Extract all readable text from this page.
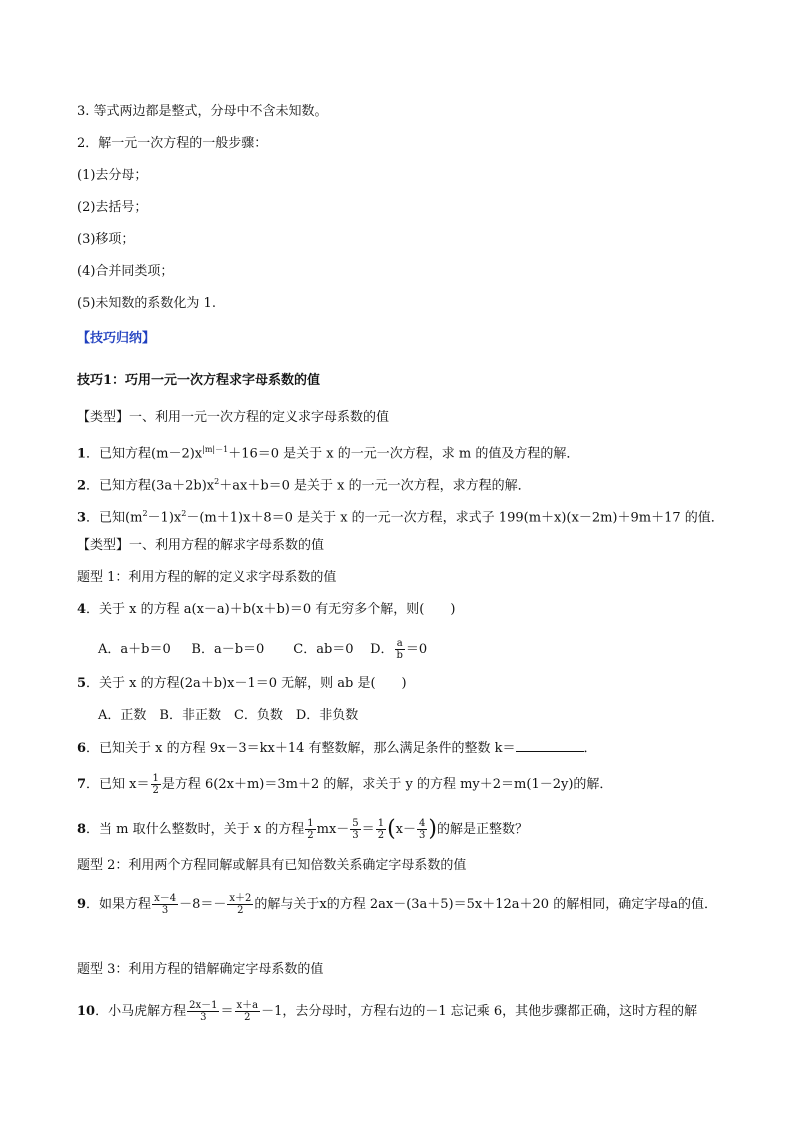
3. 等式两边都是整式，分母中不含未知数。
2．解一元一次方程的一般步骤：
(1)去分母；
(2)去括号；
(3)移项；
(4)合并同类项；
(5)未知数的系数化为 1.
【技巧归纳】
技巧1：巧用一元一次方程求字母系数的值
【类型】一、利用一元一次方程的定义求字母系数的值
1．已知方程$(m-2)x^{|m|-1}+16=0$ 是关于 x 的一元一次方程，求 m 的值及方程的解．
2．已知方程$(3a+2b)x^2+ax+b=0$ 是关于 x 的一元一次方程，求方程的解．
3．已知$(m^2-1)x^2-(m+1)x+8=0$ 是关于 x 的一元一次方程，求式子 199(m＋x)(x－2m)＋9m＋17 的值．
【类型】一、利用方程的解求字母系数的值
题型 1：利用方程的解的定义求字母系数的值
4．关于 x 的方程 a(x－a)＋b(x＋b)＝0 有无穷多个解，则(　　)
A．a＋b＝0 B．a－b＝0 C．ab＝0 D． $\frac{a}{b} =0$
5．关于 x 的方程(2a＋b)x－1＝0 无解，则 ab 是(　　)
A．正数　B．非正数　C．负数　D．非负数
6．已知关于 x 的方程 9x－3＝kx＋14 有整数解，那么满足条件的整数 k＝	．
7．已知 $x= \frac{1}{2}$ 是方程 6(2x＋m)＝3m＋2 的解，求关于 y 的方程 my＋2＝m(1－2y)的解．
8．当 m 取什么整数时，关于 x 的方程 $\frac{1}{2} mx- \frac{5}{3} = \frac{1}{2} (x- \frac{4}{3}$ )的解是正整数？
题型 2：利用两个方程同解或解具有已知倍数关系确定字母系数的值
9．如果方程 $\frac{x-4}{3} -8=- \frac{x+2}{2}$ 的解与关于x的方程 2ax－(3a＋5)＝5x＋12a＋20 的解相同，确定字母a的值．
题型 3：利用方程的错解确定字母系数的值
10．小马虎解方程 $\frac{2x-1}{3} = \frac{x+a}{2} -1$，去分母时，方程右边的－1 忘记乘 6，其他步骤都正确，这时方程的解
